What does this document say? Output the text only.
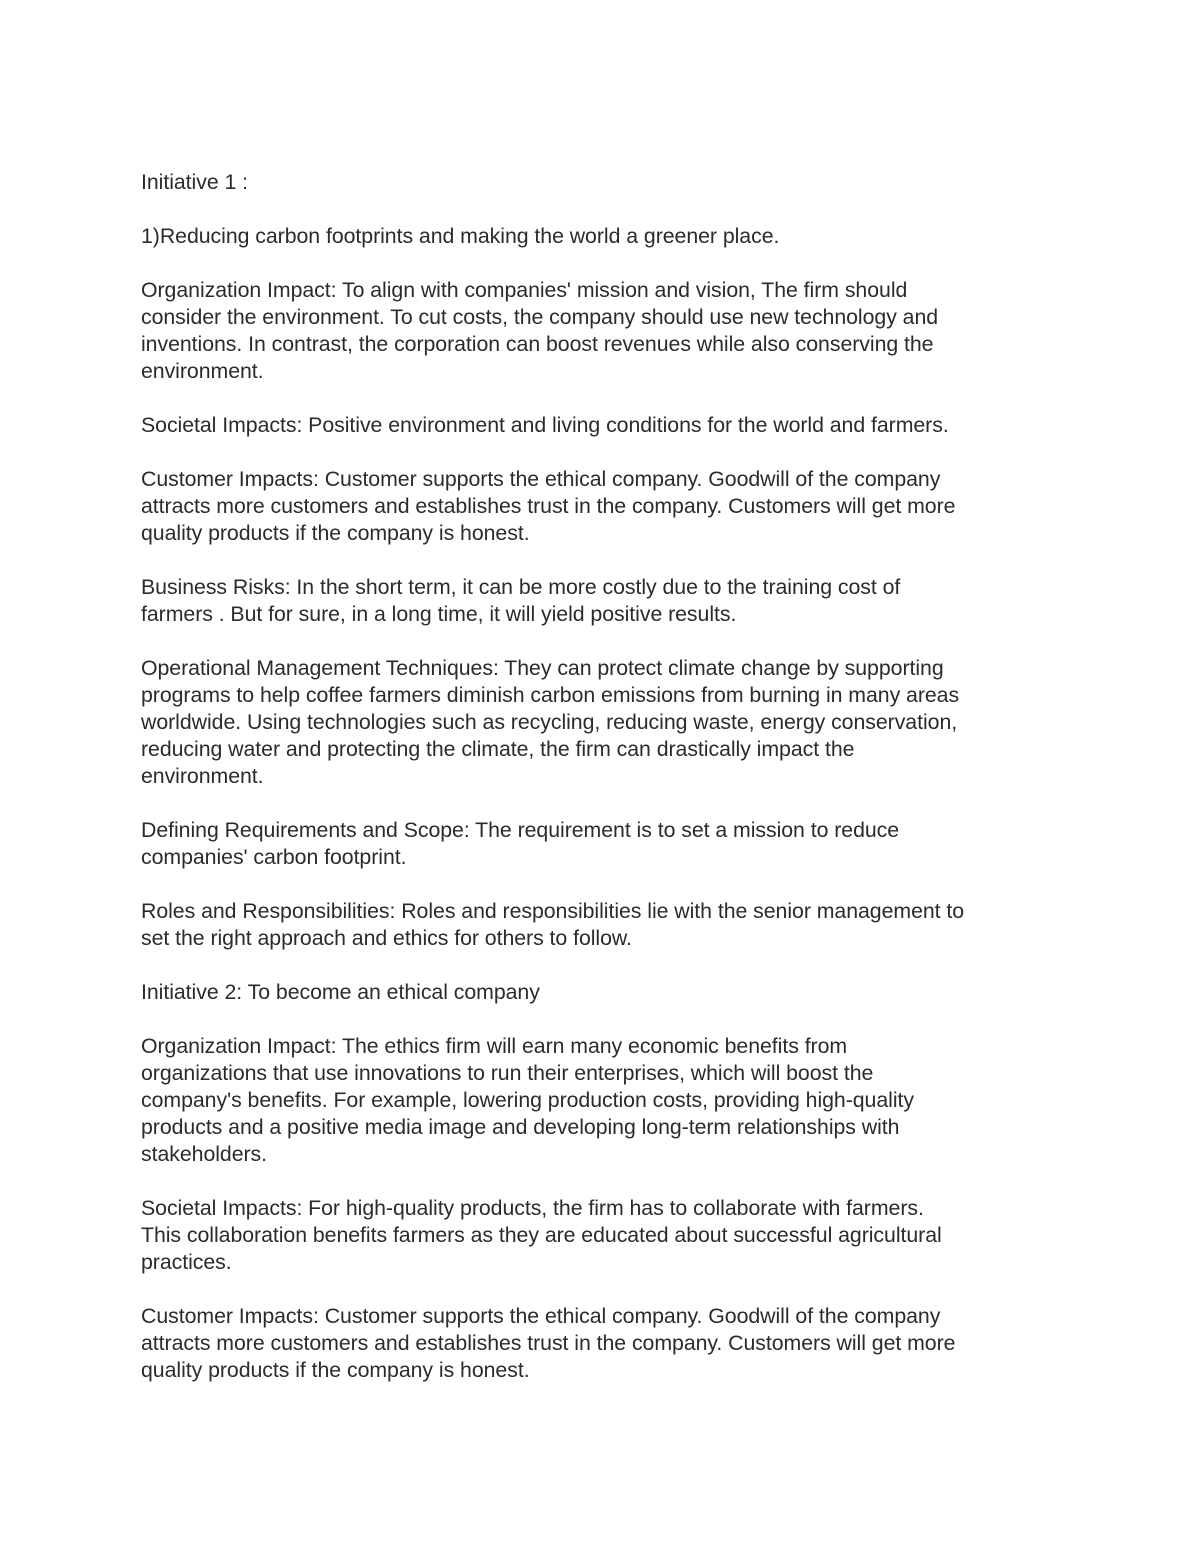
Initiative 1 :

1)Reducing carbon footprints and making the world a greener place.

Organization Impact: To align with companies' mission and vision, The firm should
consider the environment. To cut costs, the company should use new technology and
inventions. In contrast, the corporation can boost revenues while also conserving the
environment.

Societal Impacts: Positive environment and living conditions for the world and farmers.

Customer Impacts: Customer supports the ethical company. Goodwill of the company
attracts more customers and establishes trust in the company. Customers will get more
quality products if the company is honest.

Business Risks: In the short term, it can be more costly due to the training cost of
farmers . But for sure, in a long time, it will yield positive results.

Operational Management Techniques: They can protect climate change by supporting
programs to help coffee farmers diminish carbon emissions from burning in many areas
worldwide. Using technologies such as recycling, reducing waste, energy conservation,
reducing water and protecting the climate, the firm can drastically impact the
environment.

Defining Requirements and Scope: The requirement is to set a mission to reduce
companies' carbon footprint.

Roles and Responsibilities: Roles and responsibilities lie with the senior management to
set the right approach and ethics for others to follow.

Initiative 2: To become an ethical company

Organization Impact: The ethics firm will earn many economic benefits from
organizations that use innovations to run their enterprises, which will boost the
company's benefits. For example, lowering production costs, providing high-quality
products and a positive media image and developing long-term relationships with
stakeholders.

Societal Impacts: For high-quality products, the firm has to collaborate with farmers.
This collaboration benefits farmers as they are educated about successful agricultural
practices.

Customer Impacts: Customer supports the ethical company. Goodwill of the company
attracts more customers and establishes trust in the company. Customers will get more
quality products if the company is honest.
